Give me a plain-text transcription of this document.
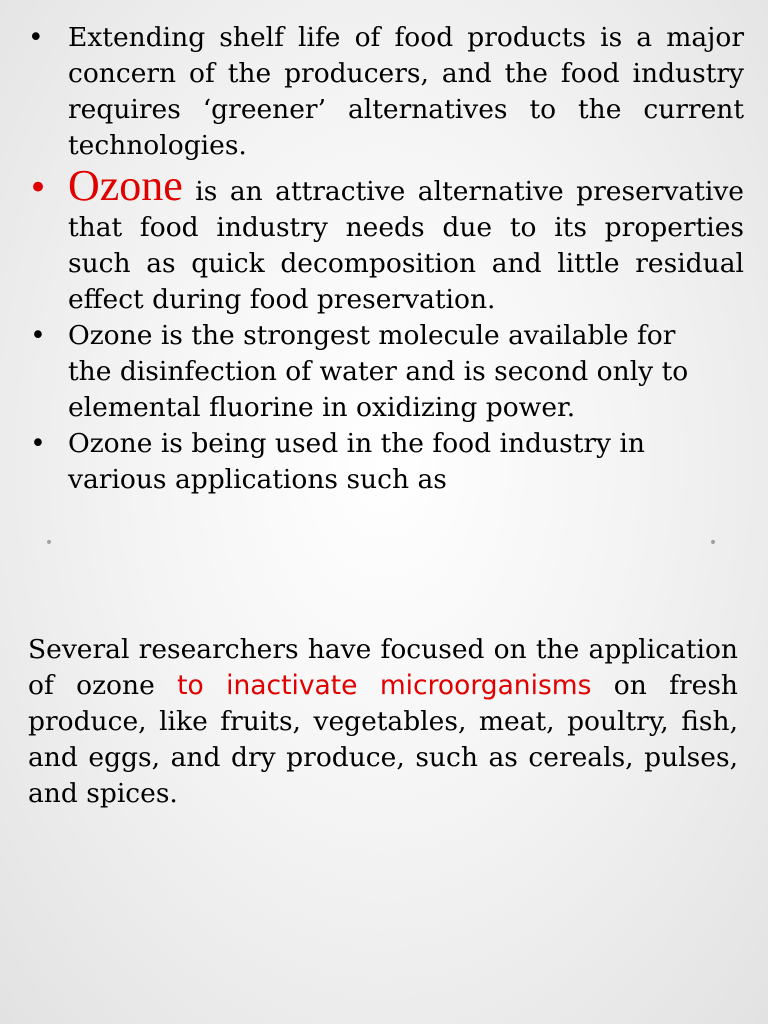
• Extending shelf life of food products is a major concern of the producers, and the food industry requires ‘greener’ alternatives to the current technologies.
• Ozone is an attractive alternative preservative that food industry needs due to its properties such as quick decomposition and little residual effect during food preservation.
• Ozone is the strongest molecule available for the disinfection of water and is second only to elemental fluorine in oxidizing power.
• Ozone is being used in the food industry in various applications such as
•	•

Several researchers have focused on the application of ozone to inactivate microorganisms on fresh produce, like fruits, vegetables, meat, poultry, fish, and eggs, and dry produce, such as cereals, pulses, and spices.
